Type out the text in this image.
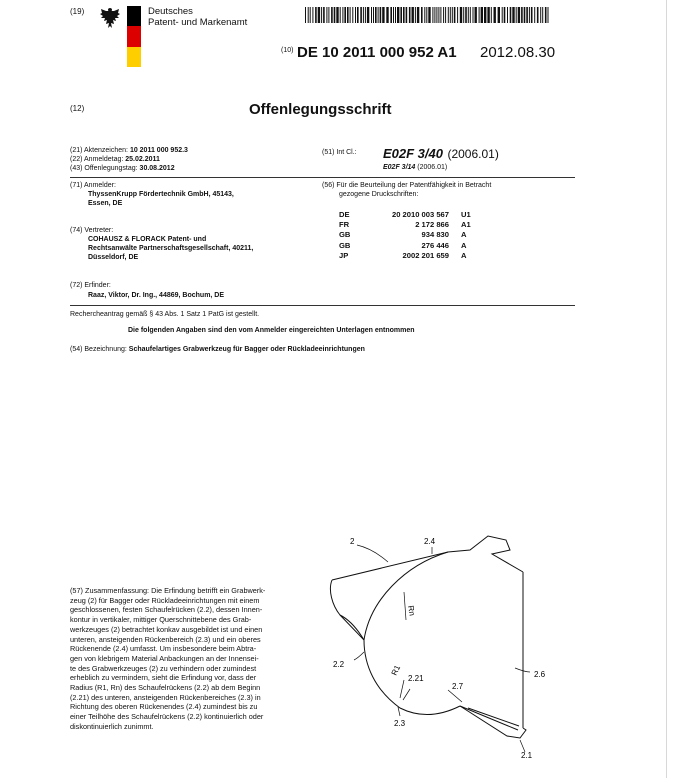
(19)	Deutsches
Patent- und Markenamt
(10) DE 10 2011 000 952 A1 2012.08.30
(12)	Offenlegungsschrift
(21) Aktenzeichen: 10 2011 000 952.3
(22) Anmeldetag: 25.02.2011
(43) Offenlegungstag: 30.08.2012
(51) Int Cl.: E02F 3/40 (2006.01)
E02F 3/14 (2006.01)
(71) Anmelder:
ThyssenKrupp Fördertechnik GmbH, 45143,
Essen, DE
(74) Vertreter:
COHAUSZ & FLORACK Patent- und
Rechtsanwälte Partnerschaftsgesellschaft, 40211,
Düsseldorf, DE
(72) Erfinder:
Raaz, Viktor, Dr. Ing., 44869, Bochum, DE
(56) Für die Beurteilung der Patentfähigkeit in Betracht
gezogene Druckschriften:
DE	20 2010 003 567	U1
FR	2 172 866	A1
GB	934 830	A
GB	276 446	A
JP	2002 201 659	A
Rechercheantrag gemäß § 43 Abs. 1 Satz 1 PatG ist gestellt.
Die folgenden Angaben sind den vom Anmelder eingereichten Unterlagen entnommen
(54) Bezeichnung: Schaufelartiges Grabwerkzeug für Bagger oder Rückladeeinrichtungen
(57) Zusammenfassung: Die Erfindung betrifft ein Grabwerk-
zeug (2) für Bagger oder Rückladeeinrichtungen mit einem
geschlossenen, festen Schaufelrücken (2.2), dessen Innen-
kontur in vertikaler, mittiger Querschnittebene des Grab-
werkzeuges (2) betrachtet konkav ausgebildet ist und einen
unteren, ansteigenden Rückenbereich (2.3) und ein oberes
Rückenende (2.4) umfasst. Um insbesondere beim Abtra-
gen von klebrigem Material Anbackungen an der Innensei-
te des Grabwerkzeuges (2) zu verhindern oder zumindest
erheblich zu vermindern, sieht die Erfindung vor, dass der
Radius (R1, Rn) des Schaufelrückens (2.2) ab dem Beginn
(2.21) des unteren, ansteigenden Rückenbereiches (2.3) in
Richtung des oberen Rückenendes (2.4) zumindest bis zu
einer Teilhöhe des Schaufelrückens (2.2) kontinuierlich oder
diskontinuierlich zunimmt.
2	2.4
Rn
2.2	R1
2.21
2.7
2.6
2.3
2.1
